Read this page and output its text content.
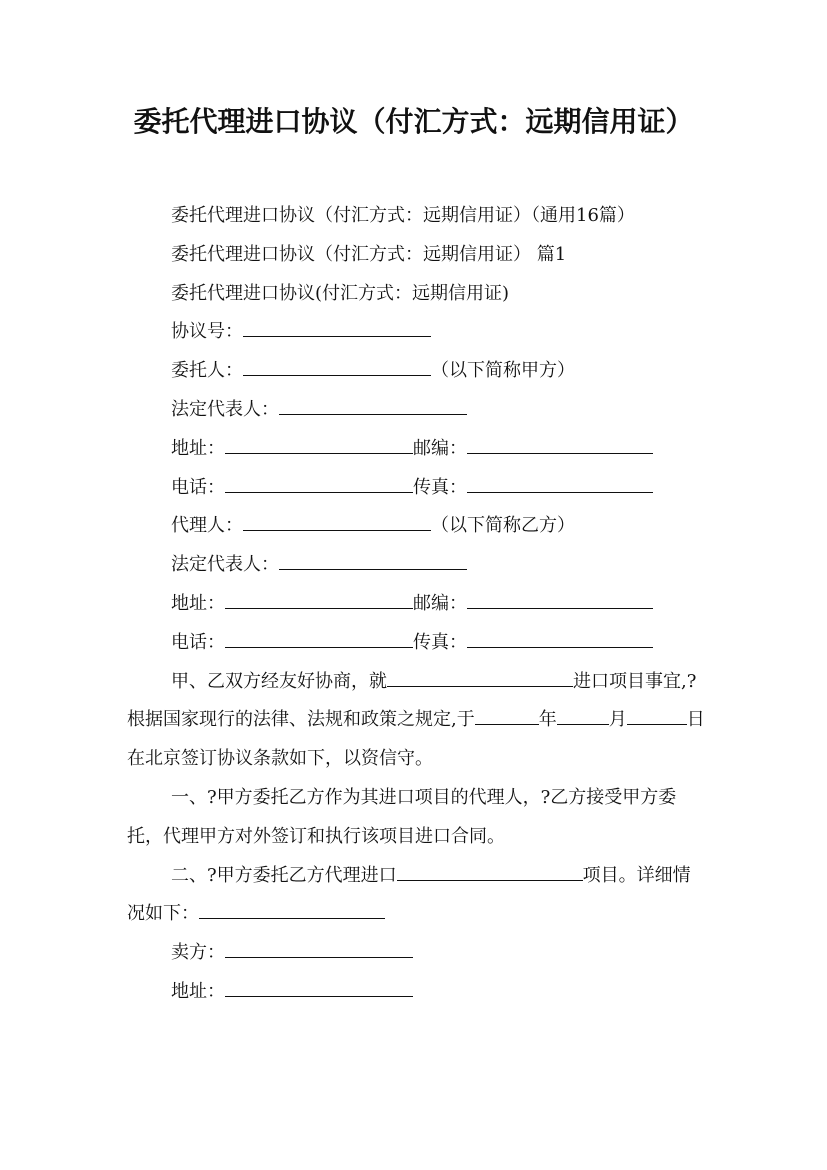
委托代理进口协议（付汇方式：远期信用证）

委托代理进口协议（付汇方式：远期信用证）（通用16篇）

委托代理进口协议（付汇方式：远期信用证） 篇1

委托代理进口协议(付汇方式：远期信用证)

协议号：

委托人：	（以下简称甲方）

法定代表人：

地址：	邮编：

电话：	传真：

代理人：	（以下简称乙方）

法定代表人：

地址：	邮编：

电话：	传真：

甲、乙双方经友好协商，就	进口项目事宜,?根据国家现行的法律、法规和政策之规定,于	年	月	日在北京签订协议条款如下，以资信守。

一、?甲方委托乙方作为其进口项目的代理人，?乙方接受甲方委托，代理甲方对外签订和执行该项目进口合同。

二、?甲方委托乙方代理进口	项目。详细情况如下：

卖方：

地址：
